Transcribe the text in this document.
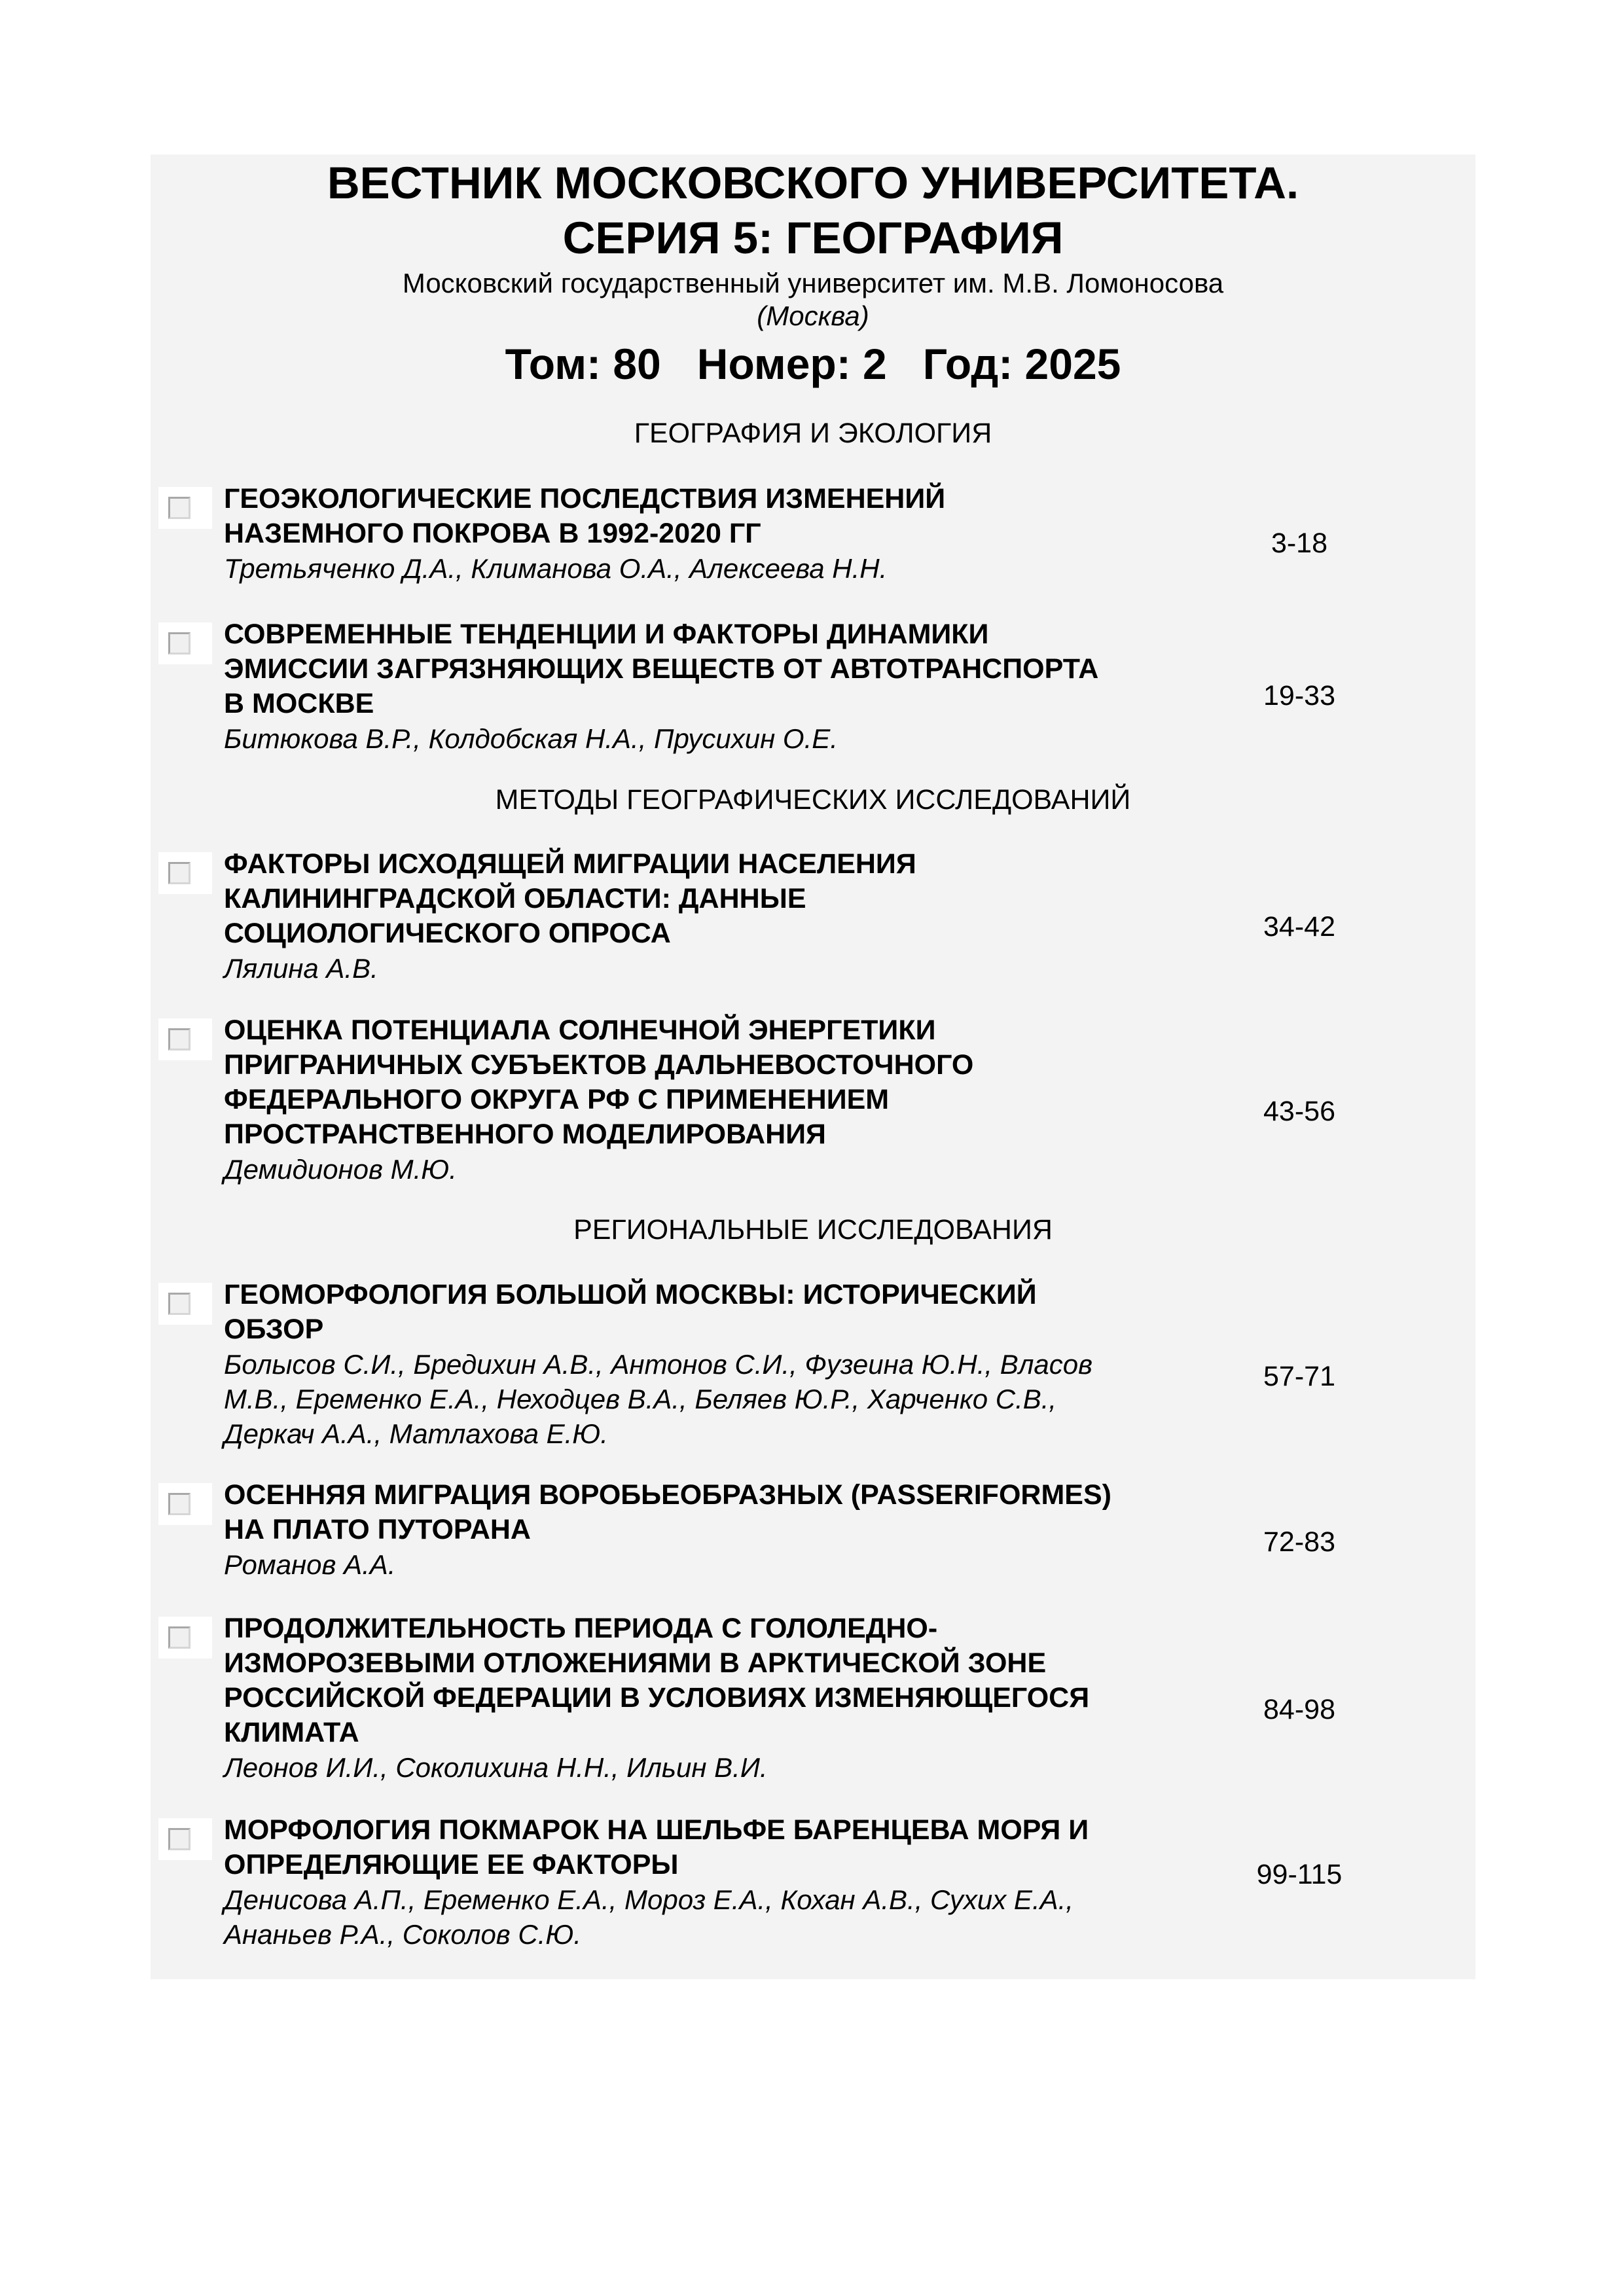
ВЕСТНИК МОСКОВСКОГО УНИВЕРСИТЕТА.
СЕРИЯ 5: ГЕОГРАФИЯ
Московский государственный университет им. М.В. Ломоносова
(Москва)
Том: 80   Номер: 2   Год: 2025
ГЕОГРАФИЯ И ЭКОЛОГИЯ
ГЕОЭКОЛОГИЧЕСКИЕ ПОСЛЕДСТВИЯ ИЗМЕНЕНИЙ
НАЗЕМНОГО ПОКРОВА В 1992-2020 ГГ
Третьяченко Д.А., Климанова О.А., Алексеева Н.Н.
3-18
СОВРЕМЕННЫЕ ТЕНДЕНЦИИ И ФАКТОРЫ ДИНАМИКИ
ЭМИССИИ ЗАГРЯЗНЯЮЩИХ ВЕЩЕСТВ ОТ АВТОТРАНСПОРТА
В МОСКВЕ
Битюкова В.Р., Колдобская Н.А., Прусихин О.Е.
19-33
МЕТОДЫ ГЕОГРАФИЧЕСКИХ ИССЛЕДОВАНИЙ
ФАКТОРЫ ИСХОДЯЩЕЙ МИГРАЦИИ НАСЕЛЕНИЯ
КАЛИНИНГРАДСКОЙ ОБЛАСТИ: ДАННЫЕ
СОЦИОЛОГИЧЕСКОГО ОПРОСА
Лялина А.В.
34-42
ОЦЕНКА ПОТЕНЦИАЛА СОЛНЕЧНОЙ ЭНЕРГЕТИКИ
ПРИГРАНИЧНЫХ СУБЪЕКТОВ ДАЛЬНЕВОСТОЧНОГО
ФЕДЕРАЛЬНОГО ОКРУГА РФ С ПРИМЕНЕНИЕМ
ПРОСТРАНСТВЕННОГО МОДЕЛИРОВАНИЯ
Демидионов М.Ю.
43-56
РЕГИОНАЛЬНЫЕ ИССЛЕДОВАНИЯ
ГЕОМОРФОЛОГИЯ БОЛЬШОЙ МОСКВЫ: ИСТОРИЧЕСКИЙ
ОБЗОР
Болысов С.И., Бредихин А.В., Антонов С.И., Фузеина Ю.Н., Власов
М.В., Еременко Е.А., Неходцев В.А., Беляев Ю.Р., Харченко С.В.,
Деркач А.А., Матлахова Е.Ю.
57-71
ОСЕННЯЯ МИГРАЦИЯ ВОРОБЬЕОБРАЗНЫХ (PASSERIFORMES)
НА ПЛАТО ПУТОРАНА
Романов А.А.
72-83
ПРОДОЛЖИТЕЛЬНОСТЬ ПЕРИОДА С ГОЛОЛЕДНО-
ИЗМОРОЗЕВЫМИ ОТЛОЖЕНИЯМИ В АРКТИЧЕСКОЙ ЗОНЕ
РОССИЙСКОЙ ФЕДЕРАЦИИ В УСЛОВИЯХ ИЗМЕНЯЮЩЕГОСЯ
КЛИМАТА
Леонов И.И., Соколихина Н.Н., Ильин В.И.
84-98
МОРФОЛОГИЯ ПОКМАРОК НА ШЕЛЬФЕ БАРЕНЦЕВА МОРЯ И
ОПРЕДЕЛЯЮЩИЕ ЕЕ ФАКТОРЫ
Денисова А.П., Еременко Е.А., Мороз Е.А., Кохан А.В., Сухих Е.А.,
Ананьев Р.А., Соколов С.Ю.
99-115
